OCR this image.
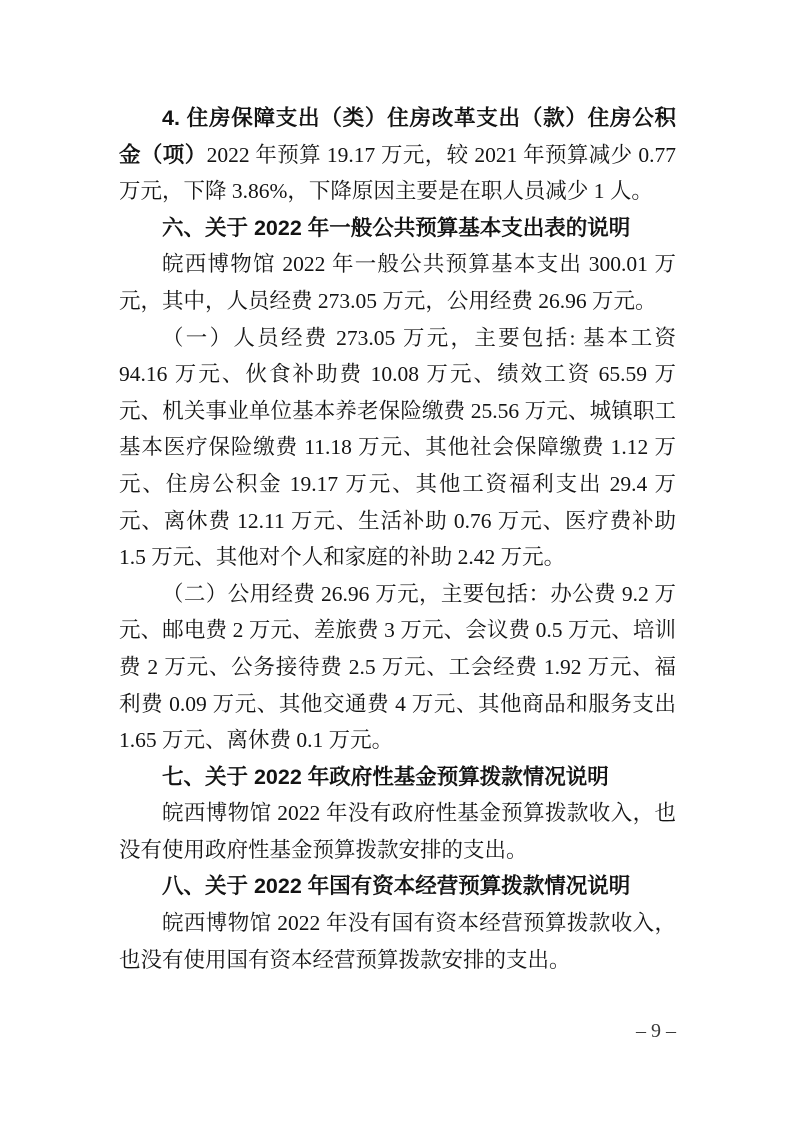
4. 住房保障支出（类）住房改革支出（款）住房公积金（项）2022 年预算 19.17 万元，较 2021 年预算减少 0.77 万元，下降 3.86%，下降原因主要是在职人员减少 1 人。

六、关于 2022 年一般公共预算基本支出表的说明

皖西博物馆 2022 年一般公共预算基本支出 300.01 万元，其中，人员经费 273.05 万元，公用经费 26.96 万元。

（一）人员经费 273.05 万元，主要包括: 基本工资 94.16 万元、伙食补助费 10.08 万元、绩效工资 65.59 万元、机关事业单位基本养老保险缴费 25.56 万元、城镇职工基本医疗保险缴费 11.18 万元、其他社会保障缴费 1.12 万元、住房公积金 19.17 万元、其他工资福利支出 29.4 万元、离休费 12.11 万元、生活补助 0.76 万元、医疗费补助 1.5 万元、其他对个人和家庭的补助 2.42 万元。

（二）公用经费 26.96 万元，主要包括：办公费 9.2 万元、邮电费 2 万元、差旅费 3 万元、会议费 0.5 万元、培训费 2 万元、公务接待费 2.5 万元、工会经费 1.92 万元、福利费 0.09 万元、其他交通费 4 万元、其他商品和服务支出 1.65 万元、离休费 0.1 万元。

七、关于 2022 年政府性基金预算拨款情况说明

皖西博物馆 2022 年没有政府性基金预算拨款收入，也没有使用政府性基金预算拨款安排的支出。

八、关于 2022 年国有资本经营预算拨款情况说明

皖西博物馆 2022 年没有国有资本经营预算拨款收入，也没有使用国有资本经营预算拨款安排的支出。

– 9 –
